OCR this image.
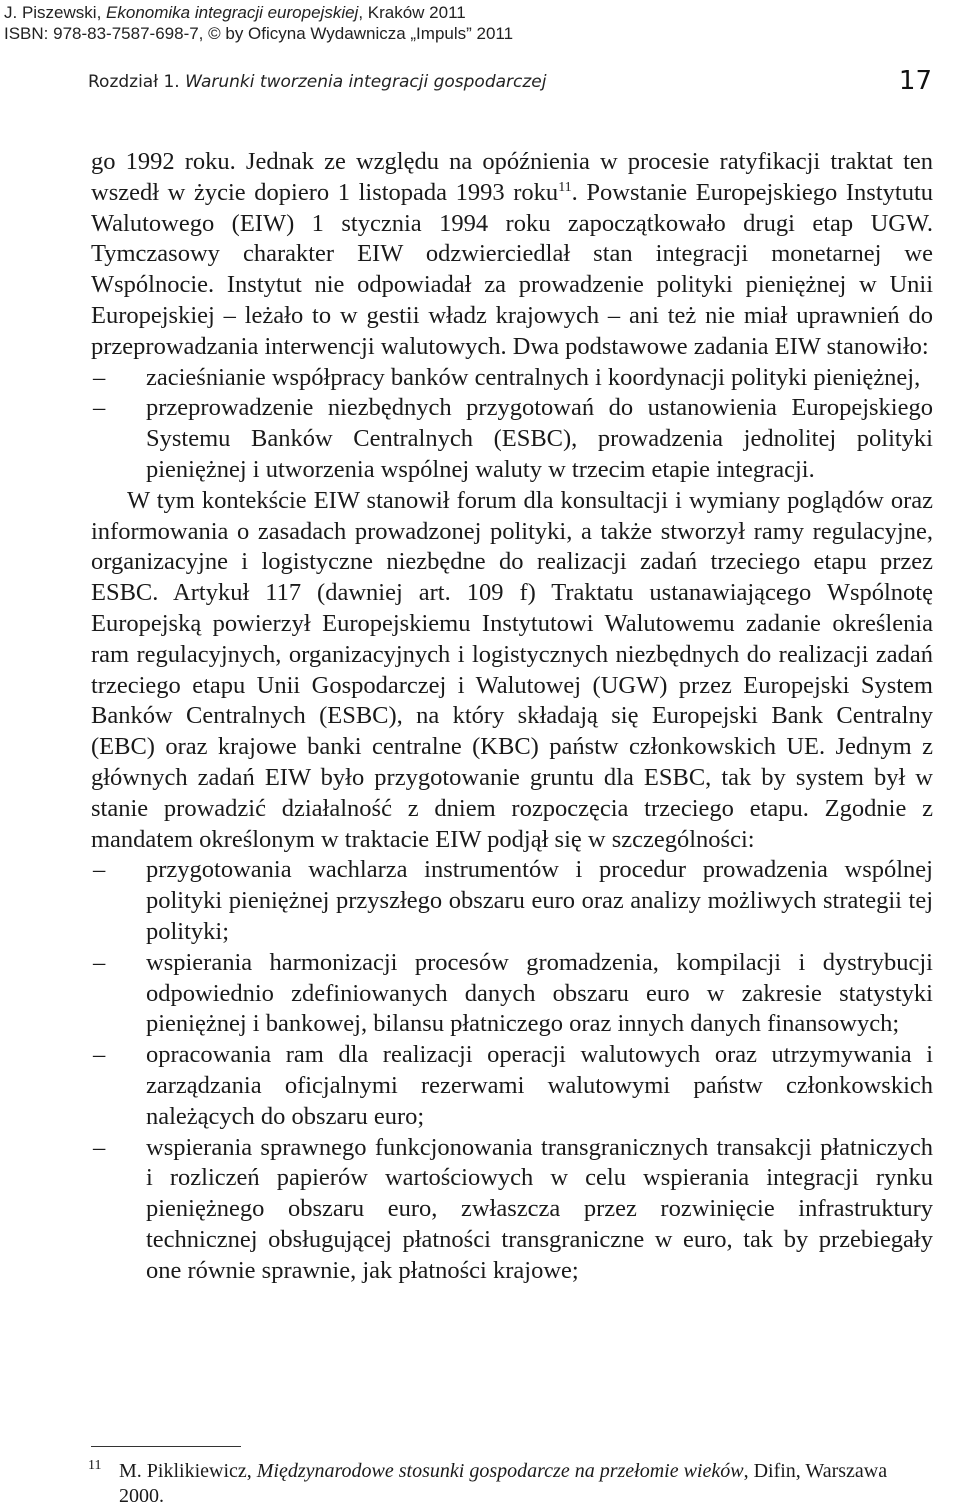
J. Piszewski, Ekonomika integracji europejskiej, Kraków 2011
ISBN: 978-83-7587-698-7, © by Oficyna Wydawnicza „Impuls” 2011
Rozdział 1. Warunki tworzenia integracji gospodarczej	17

go 1992 roku. Jednak ze względu na opóźnienia w procesie ratyfikacji traktat ten wszedł w życie dopiero 1 listopada 1993 roku$^{11}$. Powstanie Europejskiego Instytutu Walutowego (EIW) 1 stycznia 1994 roku zapoczątkowało drugi etap UGW. Tymczasowy charakter EIW odzwierciedlał stan integracji monetarnej we Wspólnocie. Instytut nie odpowiadał za prowadzenie polityki pieniężnej w Unii Europejskiej – leżało to w gestii władz krajowych – ani też nie miał uprawnień do przeprowadzania interwencji walutowych. Dwa podstawowe zadania EIW stanowiło:

– zacieśnianie współpracy banków centralnych i koordynacji polityki pieniężnej,
– przeprowadzenie niezbędnych przygotowań do ustanowienia Europejskiego Systemu Banków Centralnych (ESBC), prowadzenia jednolitej polityki pieniężnej i utworzenia wspólnej waluty w trzecim etapie integracji.

W tym kontekście EIW stanowił forum dla konsultacji i wymiany poglądów oraz informowania o zasadach prowadzonej polityki, a także stworzył ramy regulacyjne, organizacyjne i logistyczne niezbędne do realizacji zadań trzeciego etapu przez ESBC. Artykuł 117 (dawniej art. 109 f) Traktatu ustanawiającego Wspólnotę Europejską powierzył Europejskiemu Instytutowi Walutowemu zadanie określenia ram regulacyjnych, organizacyjnych i logistycznych niezbędnych do realizacji zadań trzeciego etapu Unii Gospodarczej i Walutowej (UGW) przez Europejski System Banków Centralnych (ESBC), na który składają się Europejski Bank Centralny (EBC) oraz krajowe banki centralne (KBC) państw członkowskich UE. Jednym z głównych zadań EIW było przygotowanie gruntu dla ESBC, tak by system był w stanie prowadzić działalność z dniem rozpoczęcia trzeciego etapu. Zgodnie z mandatem określonym w traktacie EIW podjął się w szczególności:

– przygotowania wachlarza instrumentów i procedur prowadzenia wspólnej polityki pieniężnej przyszłego obszaru euro oraz analizy możliwych strategii tej polityki;
– wspierania harmonizacji procesów gromadzenia, kompilacji i dystrybucji odpowiednio zdefiniowanych danych obszaru euro w zakresie statystyki pieniężnej i bankowej, bilansu płatniczego oraz innych danych finansowych;
– opracowania ram dla realizacji operacji walutowych oraz utrzymywania i zarządzania oficjalnymi rezerwami walutowymi państw członkowskich należących do obszaru euro;
– wspierania sprawnego funkcjonowania transgranicznych transakcji płatniczych i rozliczeń papierów wartościowych w celu wspierania integracji rynku pieniężnego obszaru euro, zwłaszcza przez rozwinięcie infrastruktury technicznej obsługującej płatności transgraniczne w euro, tak by przebiegały one równie sprawnie, jak płatności krajowe;
11 M. Piklikiewicz, Międzynarodowe stosunki gospodarcze na przełomie wieków, Difin, Warszawa 2000.
